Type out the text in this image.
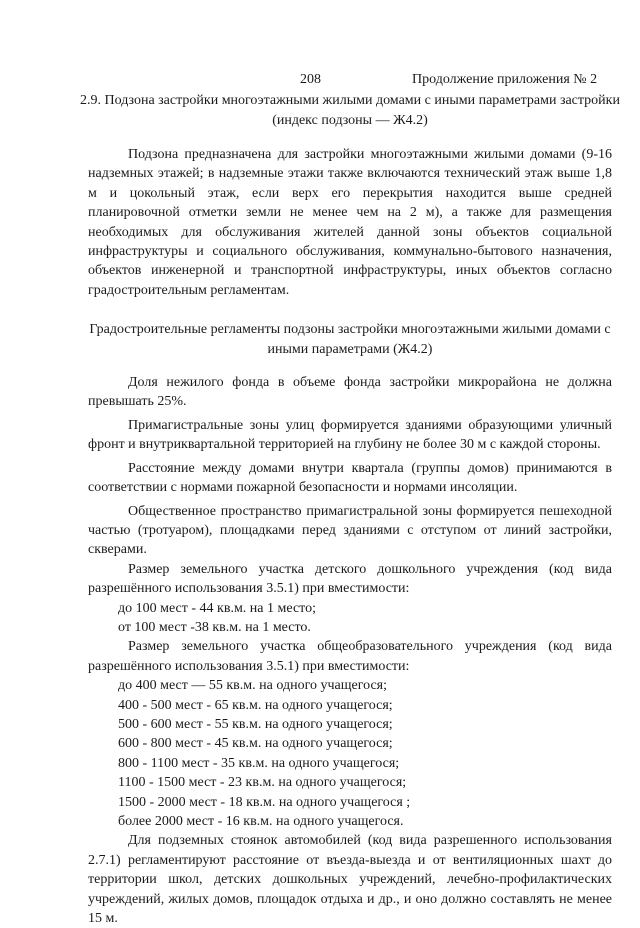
208	Продолжение приложения № 2
2.9. Подзона застройки многоэтажными жилыми домами с иными параметрами застройки (индекс подзоны — Ж4.2)

Подзона предназначена для застройки многоэтажными жилыми домами (9-16 надземных этажей; в надземные этажи также включаются технический этаж выше 1,8 м и цокольный этаж, если верх его перекрытия находится выше средней планировочной отметки земли не менее чем на 2 м), а также для размещения необходимых для обслуживания жителей данной зоны объектов социальной инфраструктуры и социального обслуживания, коммунально-бытового назначения, объектов инженерной и транспортной инфраструктуры, иных объектов согласно градостроительным регламентам.

Градостроительные регламенты подзоны застройки многоэтажными жилыми домами с иными параметрами (Ж4.2)

Доля нежилого фонда в объеме фонда застройки микрорайона не должна превышать 25%.

Примагистральные зоны улиц формируется зданиями образующими уличный фронт и внутриквартальной территорией на глубину не более 30 м с каждой стороны.

Расстояние между домами внутри квартала (группы домов) принимаются в соответствии с нормами пожарной безопасности и нормами инсоляции.

Общественное пространство примагистральной зоны формируется пешеходной частью (тротуаром), площадками перед зданиями с отступом от линий застройки, скверами.

Размер земельного участка детского дошкольного учреждения (код вида разрешённого использования 3.5.1) при вместимости:

до 100 мест - 44 кв.м. на 1 место;

от 100 мест -38 кв.м. на 1 место.

Размер земельного участка общеобразовательного учреждения (код вида разрешённого использования 3.5.1) при вместимости:

до 400 мест — 55 кв.м. на одного учащегося;

400 - 500 мест - 65 кв.м. на одного учащегося;

500 - 600 мест - 55 кв.м. на одного учащегося;

600 - 800 мест - 45 кв.м. на одного учащегося;

800 - 1100 мест - 35 кв.м. на одного учащегося;

1100 - 1500 мест - 23 кв.м. на одного учащегося;

1500 - 2000 мест - 18 кв.м. на одного учащегося ;

более 2000 мест - 16 кв.м. на одного учащегося.

Для подземных стоянок автомобилей (код вида разрешенного использования 2.7.1) регламентируют расстояние от въезда-выезда и от вентиляционных шахт до территории школ, детских дошкольных учреждений, лечебно-профилактических учреждений, жилых домов, площадок отдыха и др., и оно должно составлять не менее 15 м.
